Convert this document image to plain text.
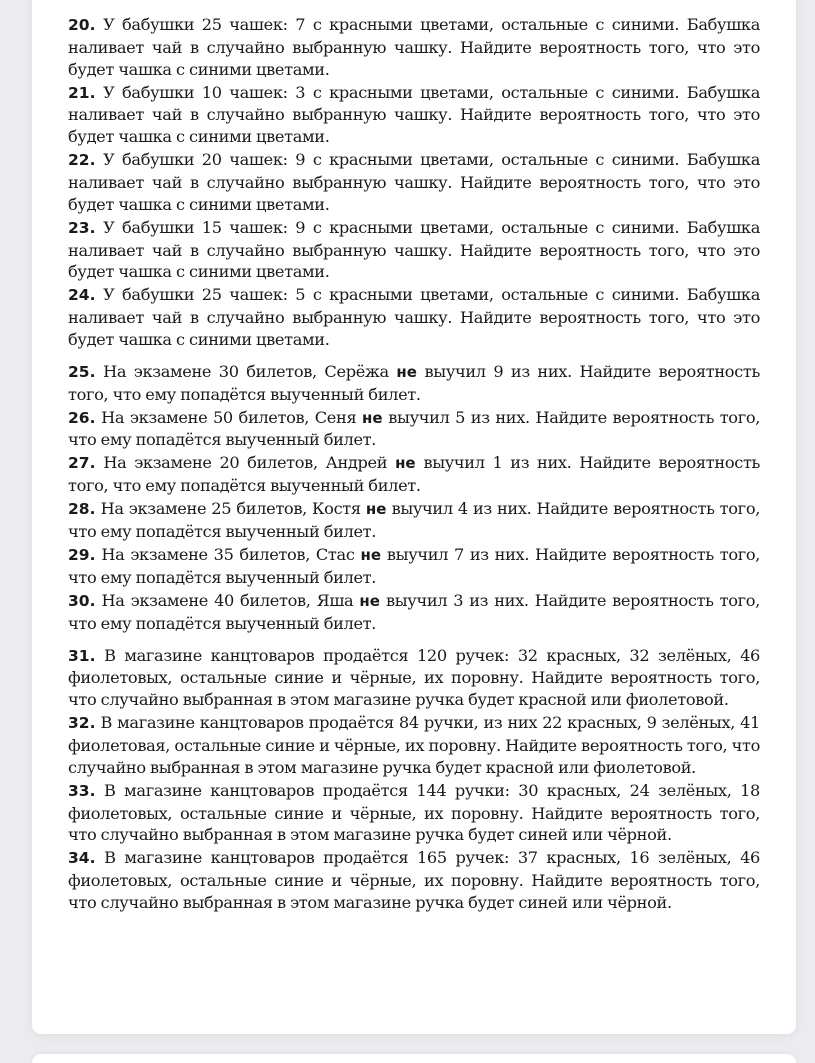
20. У бабушки 25 чашек: 7 с красными цветами, остальные с синими. Бабушка наливает чай в случайно выбранную чашку. Найдите вероятность того, что это будет чашка с синими цветами.

21. У бабушки 10 чашек: 3 с красными цветами, остальные с синими. Бабушка наливает чай в случайно выбранную чашку. Найдите вероятность того, что это будет чашка с синими цветами.

22. У бабушки 20 чашек: 9 с красными цветами, остальные с синими. Бабушка наливает чай в случайно выбранную чашку. Найдите вероятность того, что это будет чашка с синими цветами.

23. У бабушки 15 чашек: 9 с красными цветами, остальные с синими. Бабушка наливает чай в случайно выбранную чашку. Найдите вероятность того, что это будет чашка с синими цветами.

24. У бабушки 25 чашек: 5 с красными цветами, остальные с синими. Бабушка наливает чай в случайно выбранную чашку. Найдите вероятность того, что это будет чашка с синими цветами.

25. На экзамене 30 билетов, Серёжа не выучил 9 из них. Найдите вероятность того, что ему попадётся выученный билет.

26. На экзамене 50 билетов, Сеня не выучил 5 из них. Найдите вероятность того, что ему попадётся выученный билет.

27. На экзамене 20 билетов, Андрей не выучил 1 из них. Найдите вероятность того, что ему попадётся выученный билет.

28. На экзамене 25 билетов, Костя не выучил 4 из них. Найдите вероятность того, что ему попадётся выученный билет.

29. На экзамене 35 билетов, Стас не выучил 7 из них. Найдите вероятность того, что ему попадётся выученный билет.

30. На экзамене 40 билетов, Яша не выучил 3 из них. Найдите вероятность того, что ему попадётся выученный билет.

31. В магазине канцтоваров продаётся 120 ручек: 32 красных, 32 зелёных, 46 фиолетовых, остальные синие и чёрные, их поровну. Найдите вероятность того, что случайно выбранная в этом магазине ручка будет красной или фиолетовой.

32. В магазине канцтоваров продаётся 84 ручки, из них 22 красных, 9 зелёных, 41 фиолетовая, остальные синие и чёрные, их поровну. Найдите вероятность того, что случайно выбранная в этом магазине ручка будет красной или фиолетовой.

33. В магазине канцтоваров продаётся 144 ручки: 30 красных, 24 зелёных, 18 фиолетовых, остальные синие и чёрные, их поровну. Найдите вероятность того, что случайно выбранная в этом магазине ручка будет синей или чёрной.

34. В магазине канцтоваров продаётся 165 ручек: 37 красных, 16 зелёных, 46 фиолетовых, остальные синие и чёрные, их поровну. Найдите вероятность того, что случайно выбранная в этом магазине ручка будет синей или чёрной.
